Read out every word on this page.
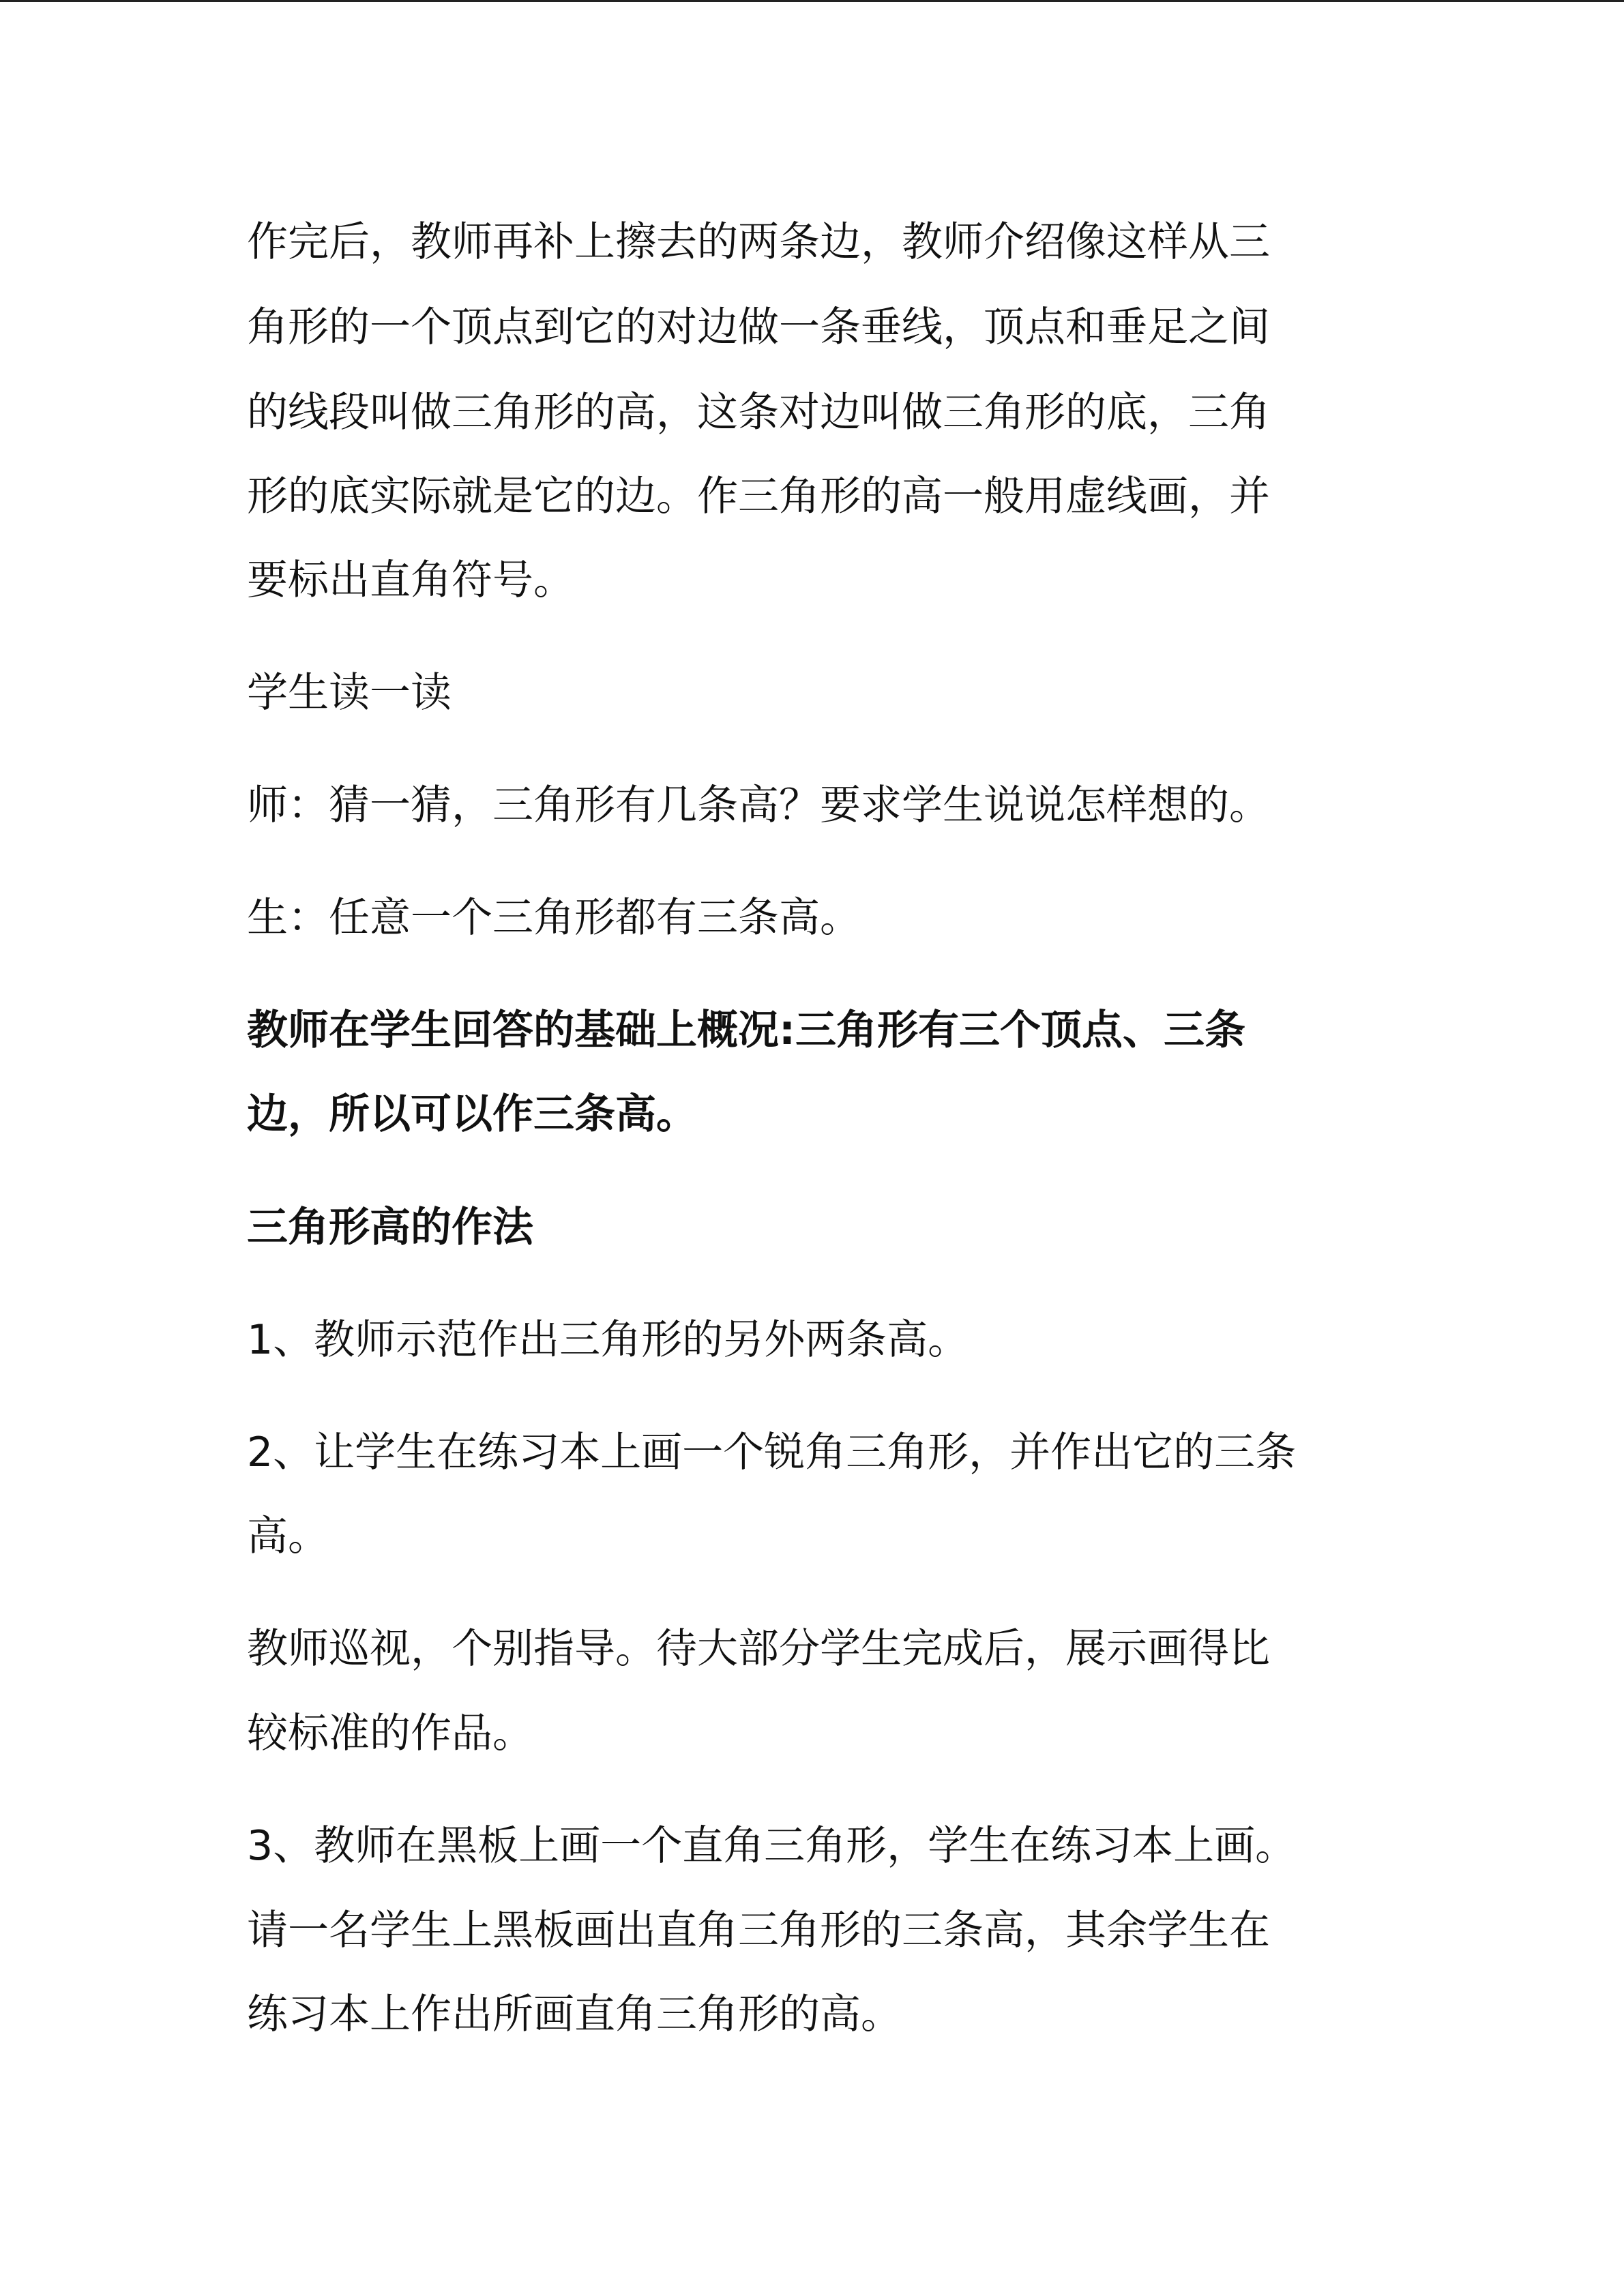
作完后，教师再补上擦去的两条边，教师介绍像这样从三
角形的一个顶点到它的对边做一条垂线，顶点和垂足之间
的线段叫做三角形的高，这条对边叫做三角形的底，三角
形的底实际就是它的边。作三角形的高一般用虚线画，并
要标出直角符号。
学生读一读
师：猜一猜，三角形有几条高？要求学生说说怎样想的。
生：任意一个三角形都有三条高。
教师在学生回答的基础上概况:三角形有三个顶点、三条
边，所以可以作三条高。
三角形高的作法
1、教师示范作出三角形的另外两条高。
2、让学生在练习本上画一个锐角三角形，并作出它的三条
高。
教师巡视，个别指导。待大部分学生完成后，展示画得比
较标准的作品。
3、教师在黑板上画一个直角三角形，学生在练习本上画。
请一名学生上黑板画出直角三角形的三条高，其余学生在
练习本上作出所画直角三角形的高。
